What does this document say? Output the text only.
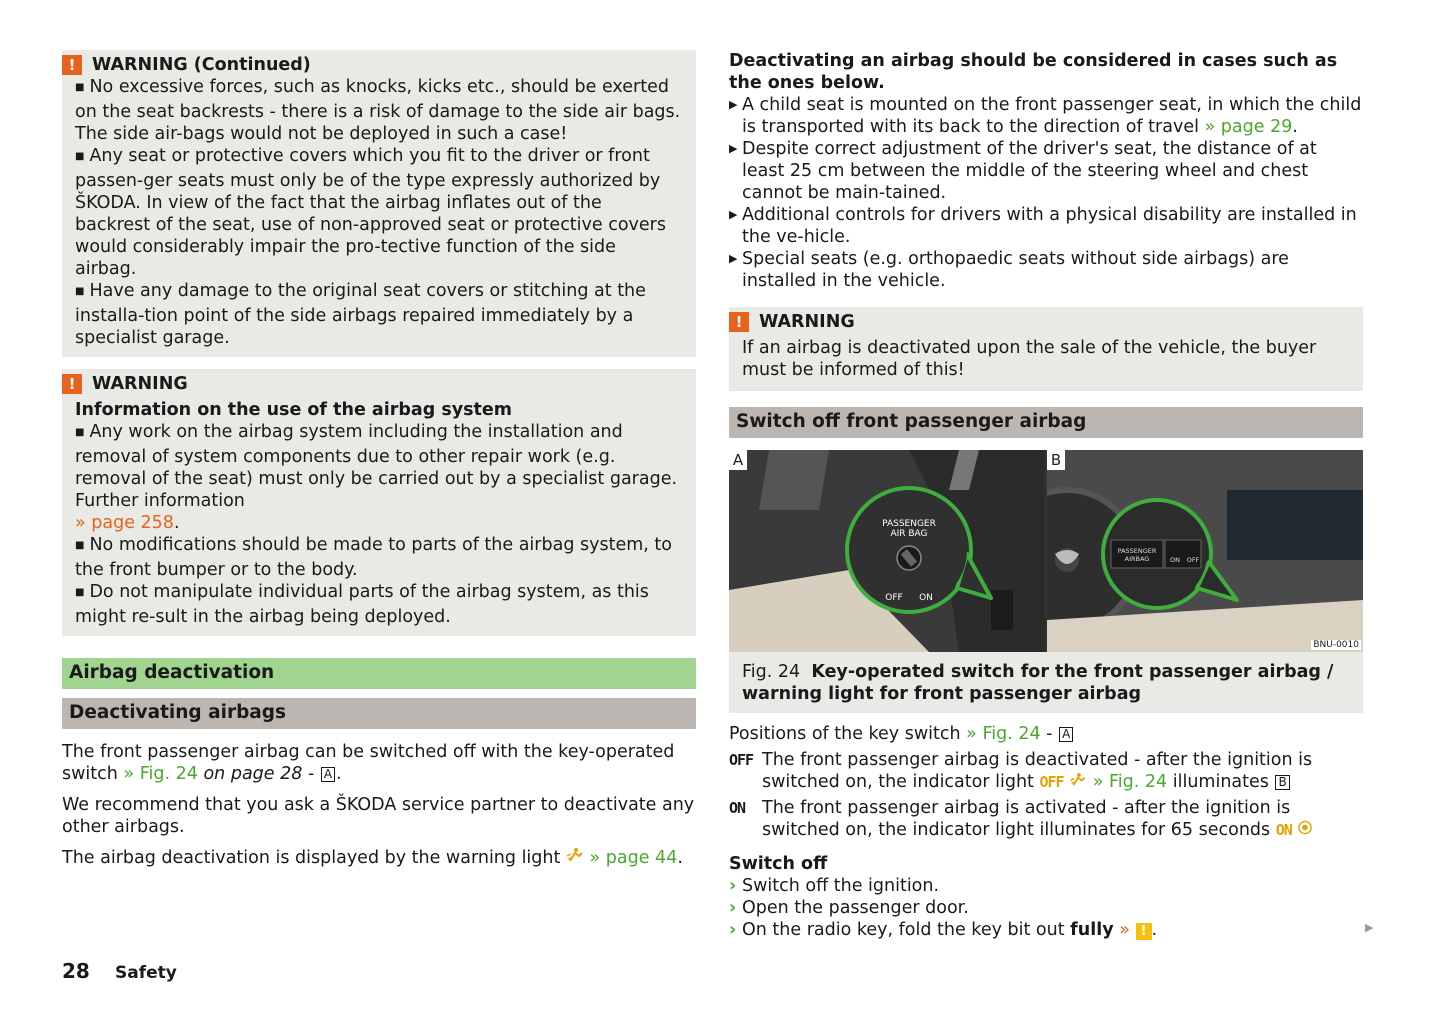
! WARNING (Continued)

■ No excessive forces, such as knocks, kicks etc., should be exerted on the seat backrests - there is a risk of damage to the side air bags. The side air-bags would not be deployed in such a case!

■ Any seat or protective covers which you fit to the driver or front passen-ger seats must only be of the type expressly authorized by ŠKODA. In view of the fact that the airbag inflates out of the backrest of the seat, use of non-approved seat or protective covers would considerably impair the pro-tective function of the side airbag.

■ Have any damage to the original seat covers or stitching at the installa-tion point of the side airbags repaired immediately by a specialist garage.

! WARNING

Information on the use of the airbag system

■ Any work on the airbag system including the installation and removal of system components due to other repair work (e.g. removal of the seat) must only be carried out by a specialist garage. Further information
» page 258.

■ No modifications should be made to parts of the airbag system, to the front bumper or to the body.

■ Do not manipulate individual parts of the airbag system, as this might re-sult in the airbag being deployed.

Airbag deactivation
Deactivating airbags

The front passenger airbag can be switched off with the key-operated switch » Fig. 24 on page 28 - A .

We recommend that you ask a ŠKODA service partner to deactivate any other airbags.

The airbag deactivation is displayed by the warning light » page 44.

Deactivating an airbag should be considered in cases such as the ones below.

▶ A child seat is mounted on the front passenger seat, in which the child is transported with its back to the direction of travel » page 29.
▶ Despite correct adjustment of the driver's seat, the distance of at least 25 cm between the middle of the steering wheel and chest cannot be main-tained.
▶ Additional controls for drivers with a physical disability are installed in the ve-hicle.
▶ Special seats (e.g. orthopaedic seats without side airbags) are installed in the vehicle.
! WARNING

If an airbag is deactivated upon the sale of the vehicle, the buyer must be informed of this!

Switch off front passenger airbag
PASSENGER
AIR BAG
OFF ON
A
PASSENGER
AIRBAG	ON OFF
B
BNU-0010
Fig. 24 Key-operated switch for the front passenger airbag / warning light for front passenger airbag

Positions of the key switch » Fig. 24 - A

OFF The front passenger airbag is deactivated - after the ignition is switched on, the indicator light OFF » Fig. 24 illuminates B
ON The front passenger airbag is activated - after the ignition is switched on, the indicator light illuminates for 65 seconds ON

Switch off

› Switch off the ignition.
› Open the passenger door.
› On the radio key, fold the key bit out fully » ! .	▶
28	Safety
